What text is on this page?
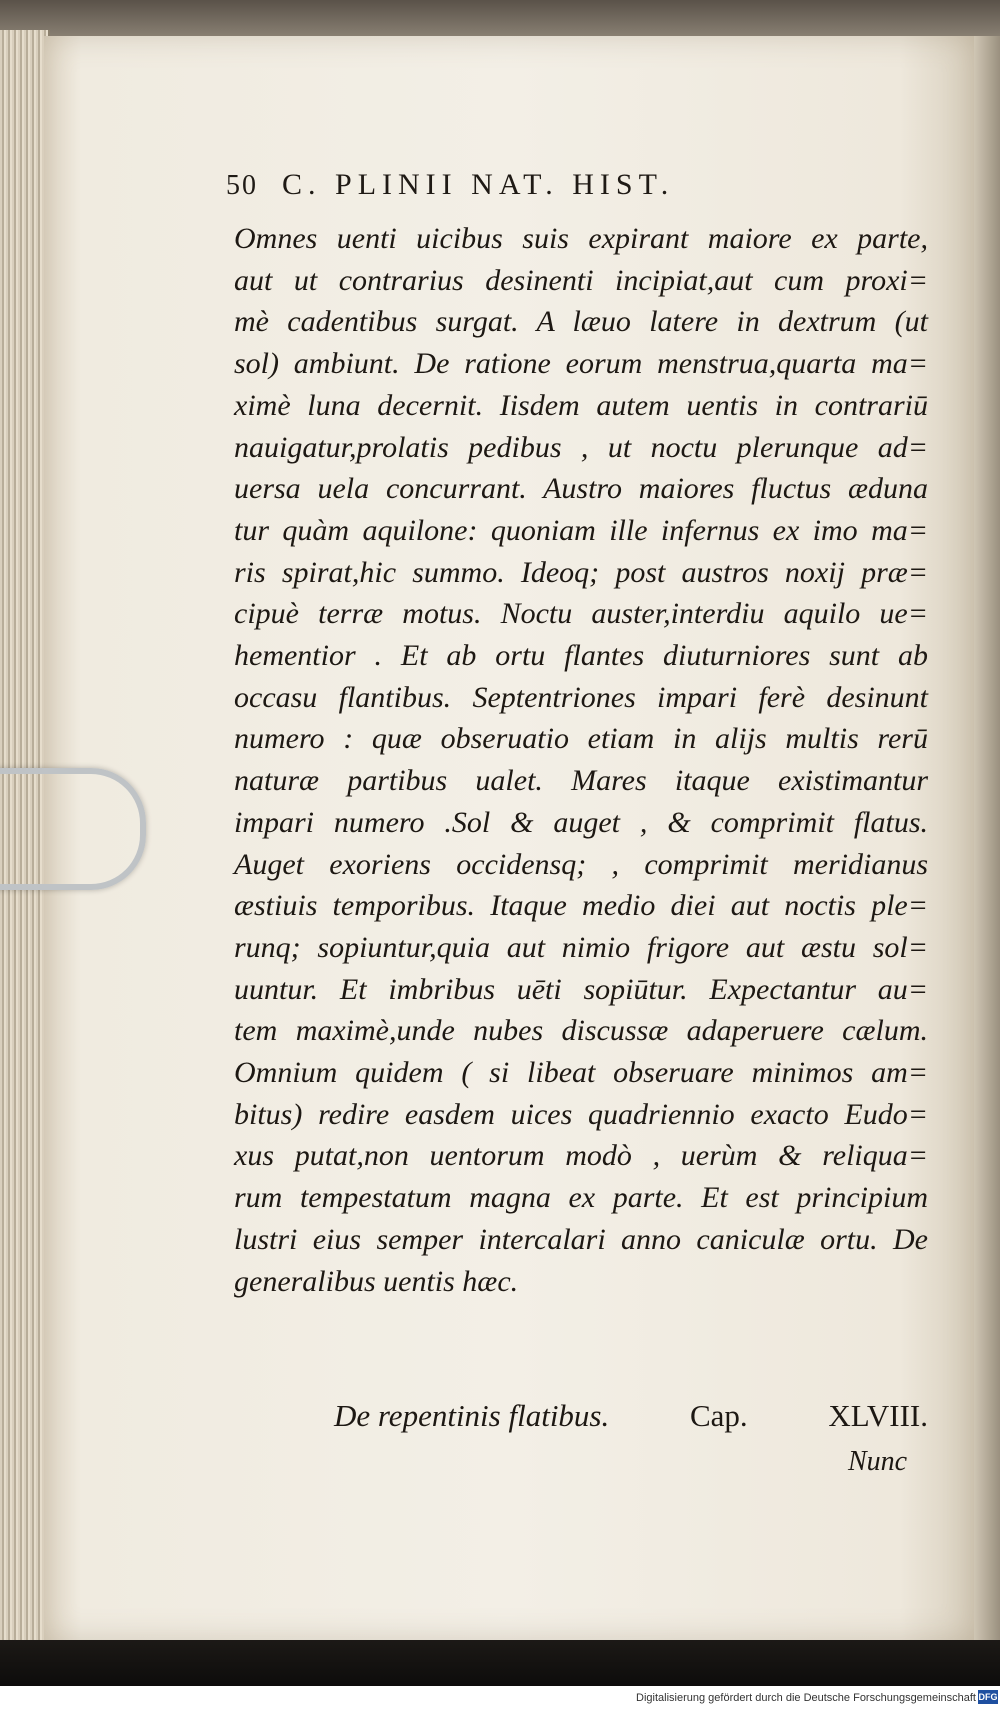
50 C. PLINII NAT. HIST.
Omnes uenti uicibus suis expirant maiore ex parte,
aut ut contrarius desinenti incipiat,aut cum proxi=
mè cadentibus surgat. A læuo latere in dextrum (ut
sol) ambiunt. De ratione eorum menstrua,quarta ma=
ximè luna decernit. Iisdem autem uentis in contrariū
nauigatur,prolatis pedibus , ut noctu plerunque ad=
uersa uela concurrant. Austro maiores fluctus æduna
tur quàm aquilone: quoniam ille infernus ex imo ma=
ris spirat,hic summo. Ideoq; post austros noxij præ=
cipuè terræ motus. Noctu auster,interdiu aquilo ue=
hementior . Et ab ortu flantes diuturniores sunt ab
occasu flantibus. Septentriones impari ferè desinunt
numero : quæ obseruatio etiam in alijs multis rerū
naturæ partibus ualet. Mares itaque existimantur
impari numero .Sol & auget , & comprimit flatus.
Auget exoriens occidensq; , comprimit meridianus
æstiuis temporibus. Itaque medio diei aut noctis ple=
runq; sopiuntur,quia aut nimio frigore aut æstu sol=
uuntur. Et imbribus uēti sopiūtur. Expectantur au=
tem maximè,unde nubes discussæ adaperuere cælum.
Omnium quidem ( si libeat obseruare minimos am=
bitus) redire easdem uices quadriennio exacto Eudo=
xus putat,non uentorum modò , uerùm & reliqua=
rum tempestatum magna ex parte. Et est principium
lustri eius semper intercalari anno caniculæ ortu. De
generalibus uentis hæc.
De repentinis flatibus.	Cap.	XLVIII.
Nunc
Digitalisierung gefördert durch die Deutsche Forschungsgemeinschaft DFG
